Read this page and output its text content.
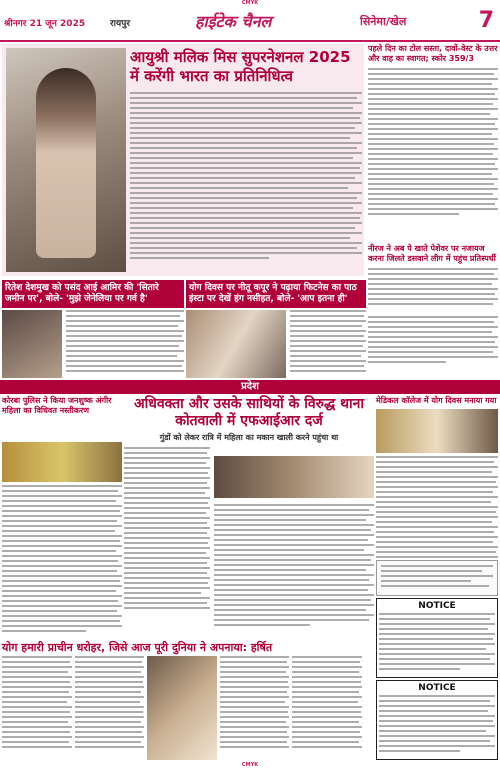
CMYK
श्रीनगर 21 जून 2025	रायपुर	हाईटेक चैनल	सिनेमा/खेल	7
आयुश्री मलिक मिस सुपरनेशनल 2025 में करेंगी भारत का प्रतिनिधित्व
पहले दिन का टोल सस्ता, दावों-वेस्ट के उत्तर और वाह का स्वागत; स्कोर 359/3
नीरज ने अब पे खाते पेशेवर पर नजायज करना जिलते डसवाने लीग में पहुंच प्रतिस्पर्धी
रितेश देशमुख को पसंद आई आमिर की 'सितारे जमीन पर', बोले- 'मुझे जेनेलिया पर गर्व है'
योग दिवस पर नीतू कपूर ने पढ़ाया फिटनेस का पाठ इंस्टा पर देखें हंग नसीहत, बोले- 'आप इतना ही'
प्रदेश
कोरबा पुलिस ने किया जनशुष्क अंगीर महिला का विधिवत नस्तीकरण	अधिवक्ता और उसके साथियों के विरुद्ध थाना कोतवाली में एफआईआर दर्ज
गुंडों को लेकर रात्रि में महिला का मकान खाली करने पहुंचा था
मेडिकल कॉलेज में योग दिवस मनाया गया
योग हमारी प्राचीन धरोहर, जिसे आज पूरी दुनिया ने अपनाया: हर्षित
NOTICE
NOTICE
CMYK
